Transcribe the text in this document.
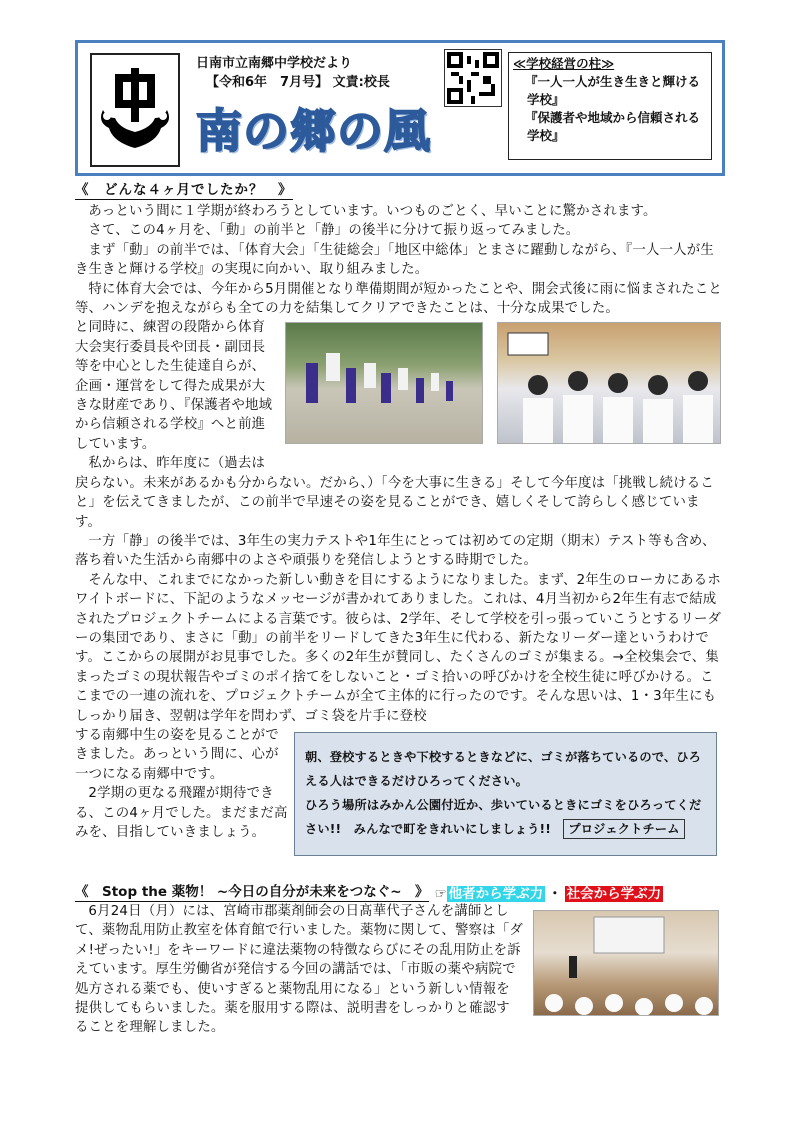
日南市立南郷中学校だより
【令和6年　7月号】 文責:校長
南の郷の風
≪学校経営の柱≫
『一人一人が生き生きと輝ける学校』
『保護者や地域から信頼される学校』
《　どんな４ヶ月でしたか？　》

あっという間に１学期が終わろうとしています。いつものごとく、早いことに驚かされます。

さて、この4ヶ月を、「動」の前半と「静」の後半に分けて振り返ってみました。

まず「動」の前半では、「体育大会」「生徒総会」「地区中総体」とまさに躍動しながら、『一人一人が生き生きと輝ける学校』の実現に向かい、取り組みました。

特に体育大会では、今年から5月開催となり準備期間が短かったことや、開会式後に雨に悩まされたこと等、ハンデを抱えながらも全ての力を結集してクリアできたことは、十分な成果でした。

と同時に、練習の段階から体育大会実行委員長や団長・副団長等を中心とした生徒達自らが、企画・運営をして得た成果が大きな財産であり、『保護者や地域から信頼される学校』へと前進しています。

私からは、昨年度に（過去は戻らない。未来があるかも分からない。だから、）「今を大事に生きる」そして今年度は「挑戦し続けること」を伝えてきましたが、この前半で早速その姿を見ることができ、嬉しくそして誇らしく感じています。

一方「静」の後半では、3年生の実力テストや1年生にとっては初めての定期（期末）テスト等も含め、落ち着いた生活から南郷中のよさや頑張りを発信しようとする時期でした。

そんな中、これまでになかった新しい動きを目にするようになりました。まず、2年生のローカにあるホワイトボードに、下記のようなメッセージが書かれてありました。これは、4月当初から2年生有志で結成されたプロジェクトチームによる言葉です。彼らは、2学年、そして学校を引っ張っていこうとするリーダーの集団であり、まさに「動」の前半をリードしてきた3年生に代わる、新たなリーダー達というわけです。ここからの展開がお見事でした。多くの2年生が賛同し、たくさんのゴミが集まる。→全校集会で、集まったゴミの現状報告やゴミのポイ捨てをしないこと・ゴミ拾いの呼びかけを全校生徒に呼びかける。ここまでの一連の流れを、プロジェクトチームが全て主体的に行ったのです。そんな思いは、1・3年生にもしっかり届き、翌朝は学年を問わず、ゴミ袋を片手に登校

朝、登校するときや下校するときなどに、ゴミが落ちているので、ひろえる人はできるだけひろってください。
ひろう場所はみかん公園付近か、歩いているときにゴミをひろってください!!　みんなで町をきれいにしましょう!!　 プロジェクトチーム

する南郷中生の姿を見ることができました。あっという間に、心が一つになる南郷中です。

2学期の更なる飛躍が期待できる、この4ヶ月でした。まだまだ高みを、目指していきましょう。

《　Stop the 薬物！ ~今日の自分が未来をつなぐ~　》 ☞ 他者から学ぶ力 ・ 社会から学ぶ力

6月24日（月）には、宮崎市郡薬剤師会の日髙華代子さんを講師として、薬物乱用防止教室を体育館で行いました。薬物に関して、警察は「ダメ!ぜったい!」をキーワードに違法薬物の特徴ならびにその乱用防止を訴えています。厚生労働省が発信する今回の講話では、「市販の薬や病院で処方される薬でも、使いすぎると薬物乱用になる」という新しい情報を提供してもらいました。薬を服用する際は、説明書をしっかりと確認することを理解しました。
